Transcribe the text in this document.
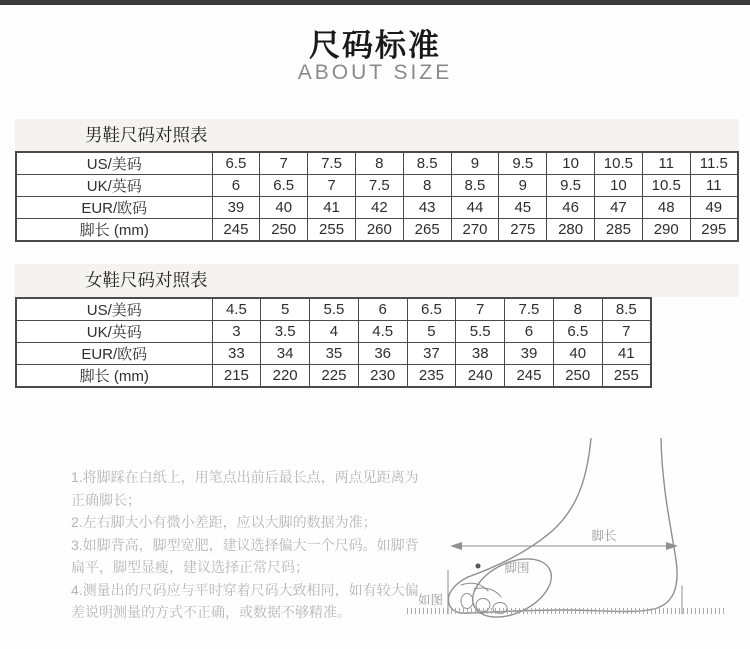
尺码标准
ABOUT SIZE
男鞋尺码对照表
US/美码	6.5	7	7.5	8	8.5	9	9.5	10	10.5	11	11.5
UK/英码	6	6.5	7	7.5	8	8.5	9	9.5	10	10.5	11
EUR/欧码	39	40	41	42	43	44	45	46	47	48	49
脚长 (mm)	245	250	255	260	265	270	275	280	285	290	295
女鞋尺码对照表
US/美码	4.5	5	5.5	6	6.5	7	7.5	8	8.5
UK/英码	3	3.5	4	4.5	5	5.5	6	6.5	7
EUR/欧码	33	34	35	36	37	38	39	40	41
脚长 (mm)	215	220	225	230	235	240	245	250	255

1.将脚踩在白纸上，用笔点出前后最长点，两点见距离为正确脚长；

2.左右脚大小有微小差距，应以大脚的数据为准；

3.如脚背高，脚型宽肥，建议选择偏大一个尺码。如脚背扁平，脚型显瘦，建议选择正常尺码；

4.测量出的尺码应与平时穿着尺码大致相同，如有较大偏差说明测量的方式不正确，或数据不够精准。

脚长
脚围
如图
